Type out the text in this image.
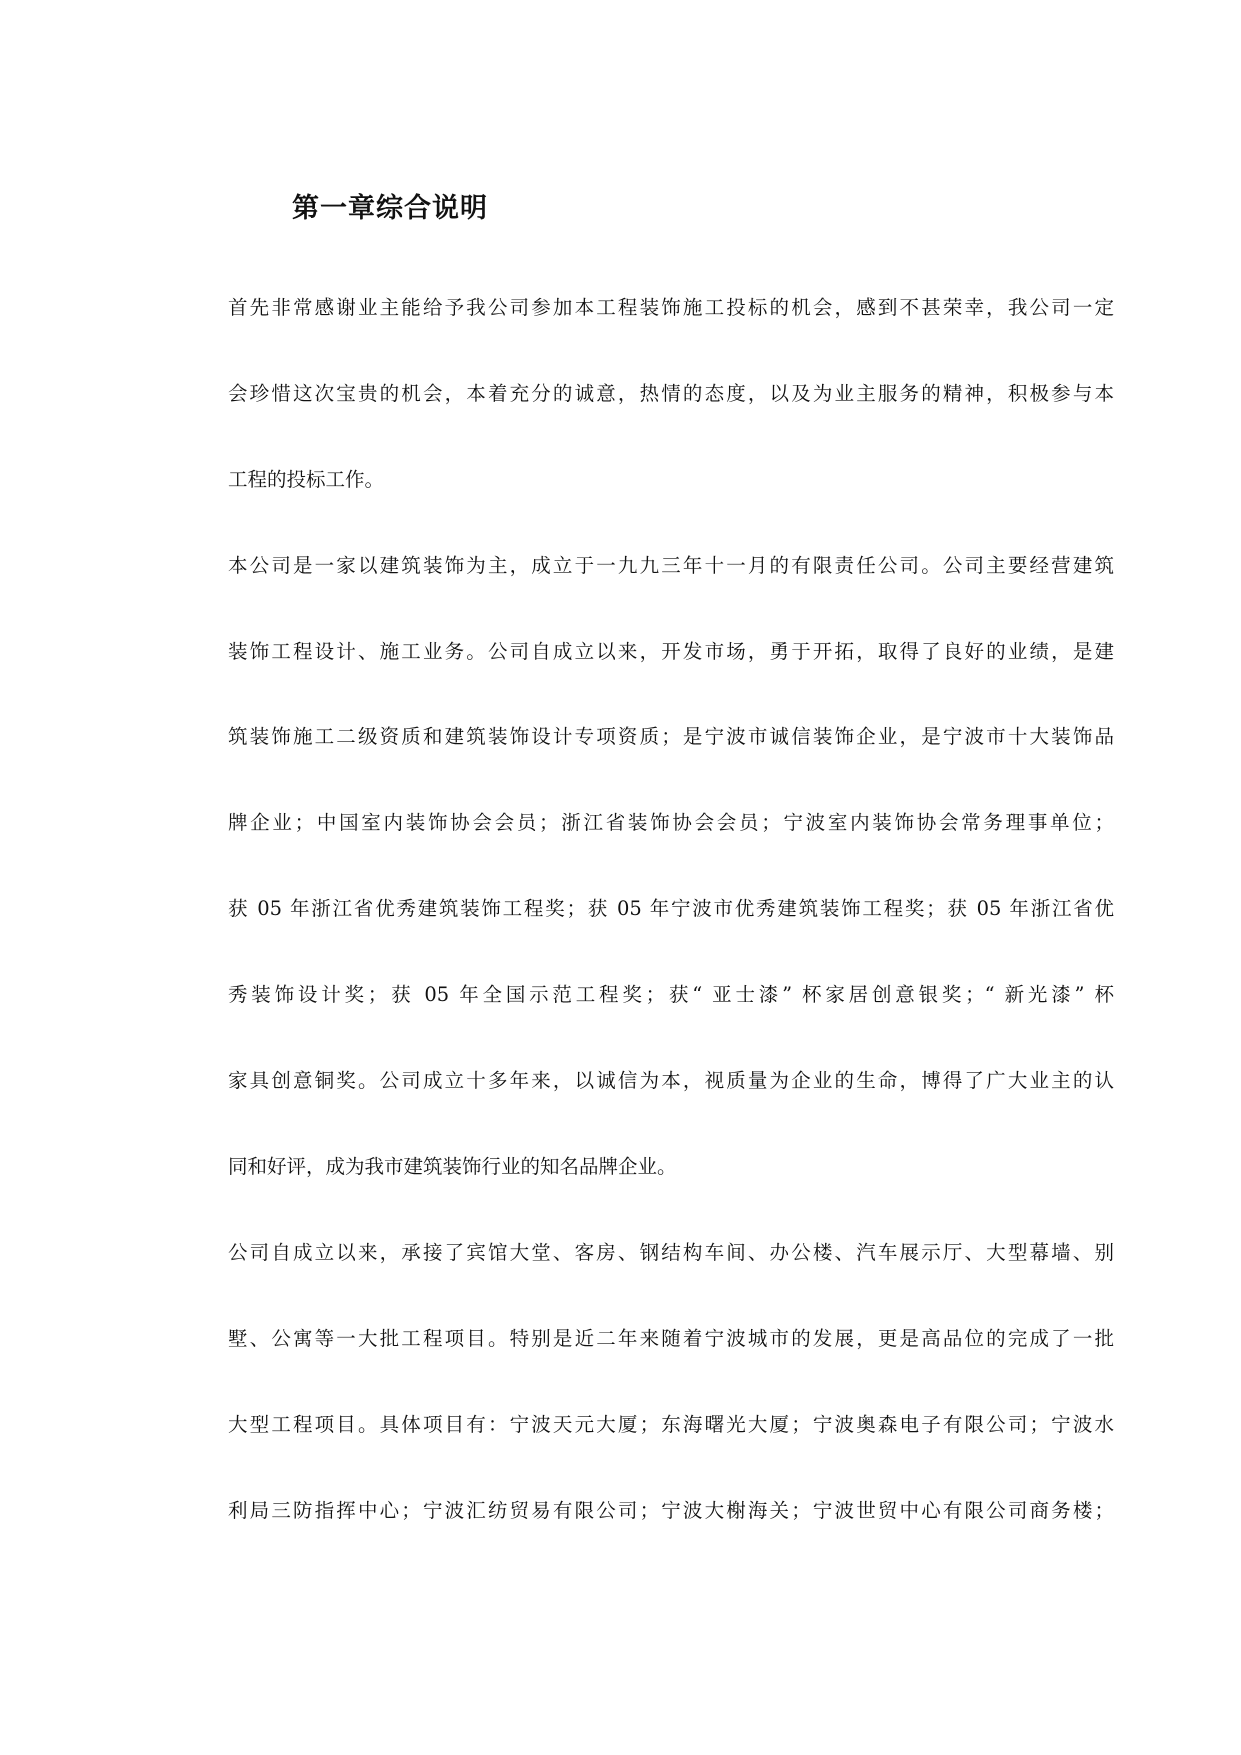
第一章综合说明
首先非常感谢业主能给予我公司参加本工程装饰施工投标的机会，感到不甚荣幸，我公司一定
会珍惜这次宝贵的机会，本着充分的诚意，热情的态度，以及为业主服务的精神，积极参与本
工程的投标工作。
本公司是一家以建筑装饰为主，成立于一九九三年十一月的有限责任公司。公司主要经营建筑
装饰工程设计、施工业务。公司自成立以来，开发市场，勇于开拓，取得了良好的业绩，是建
筑装饰施工二级资质和建筑装饰设计专项资质；是宁波市诚信装饰企业，是宁波市十大装饰品
牌企业；中国室内装饰协会会员；浙江省装饰协会会员；宁波室内装饰协会常务理事单位；
获 05 年浙江省优秀建筑装饰工程奖；获 05 年宁波市优秀建筑装饰工程奖；获 05 年浙江省优
秀装饰设计奖；获 05 年全国示范工程奖；获“ 亚士漆” 杯家居创意银奖；“ 新光漆” 杯
家具创意铜奖。公司成立十多年来，以诚信为本，视质量为企业的生命，博得了广大业主的认
同和好评，成为我市建筑装饰行业的知名品牌企业。
公司自成立以来，承接了宾馆大堂、客房、钢结构车间、办公楼、汽车展示厅、大型幕墙、别
墅、公寓等一大批工程项目。特别是近二年来随着宁波城市的发展，更是高品位的完成了一批
大型工程项目。具体项目有：宁波天元大厦；东海曙光大厦；宁波奥森电子有限公司；宁波水
利局三防指挥中心；宁波汇纺贸易有限公司；宁波大榭海关；宁波世贸中心有限公司商务楼；
